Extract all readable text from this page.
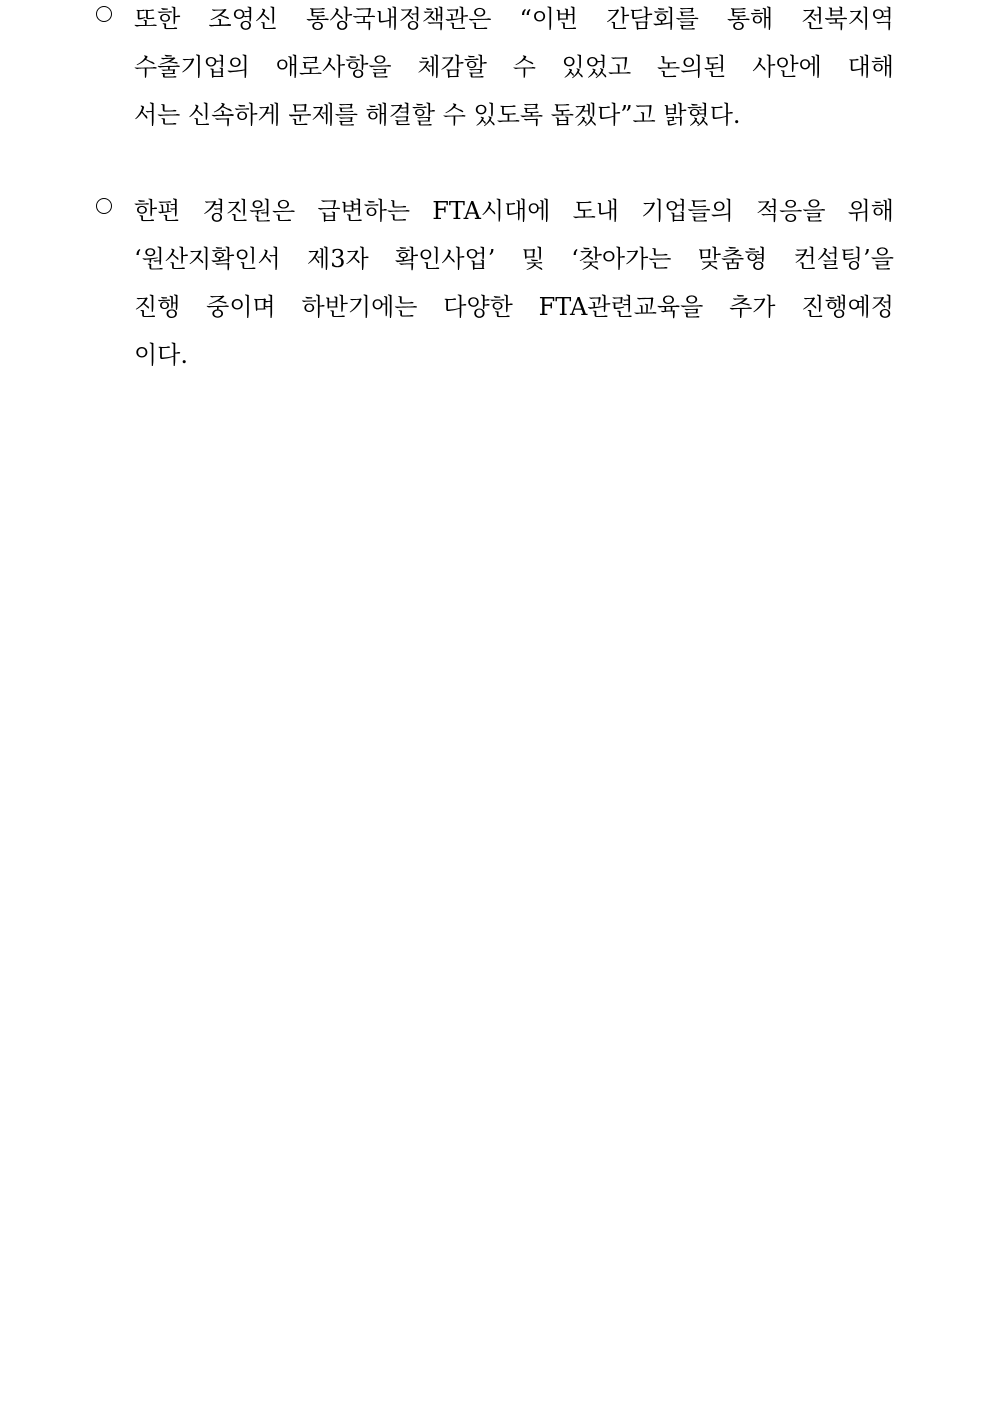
또한 조영신 통상국내정책관은 “이번 간담회를 통해 전북지역
수출기업의 애로사항을 체감할 수 있었고 논의된 사안에 대해
서는 신속하게 문제를 해결할 수 있도록 돕겠다”고 밝혔다.
한편 경진원은 급변하는 FTA시대에 도내 기업들의 적응을 위해
‘원산지확인서 제3자 확인사업’ 및 ‘찾아가는 맞춤형 컨설팅’을
진행 중이며 하반기에는 다양한 FTA관련교육을 추가 진행예정
이다.
